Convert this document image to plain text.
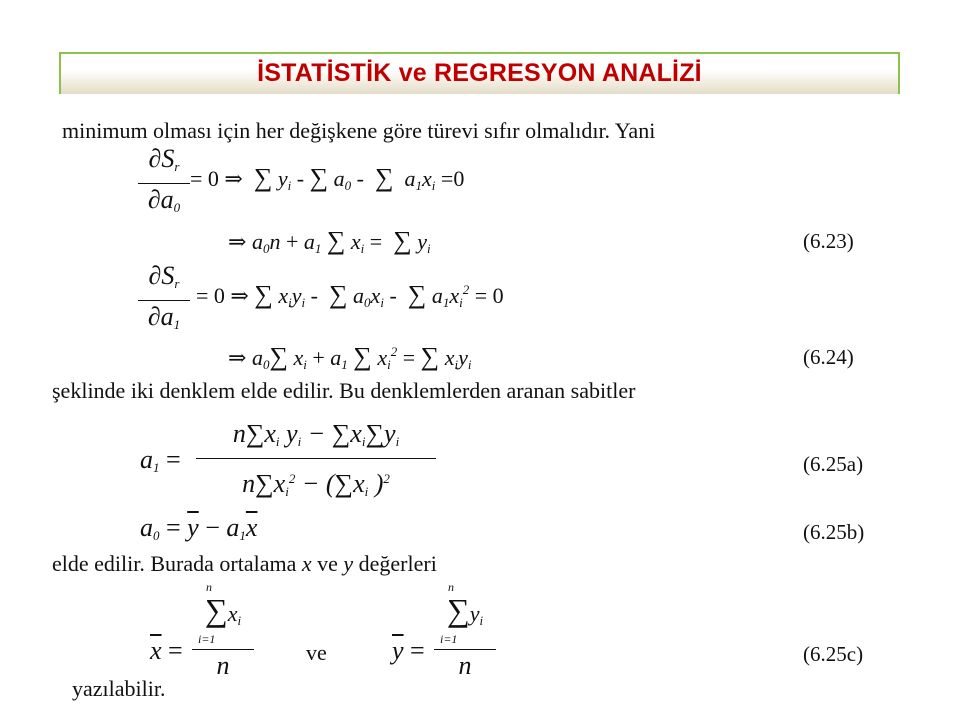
İSTATİSTİK ve REGRESYON ANALİZİ
minimum olması için her değişkene göre türevi sıfır olmalıdır. Yani
$\partial S_r$
$\partial a_0$
= 0 ⇒  ∑ $y_i$ - ∑ $a_0$ -  ∑ $a_1x_i =0$
⇒ $a_0n + a_1$ ∑ $x_i$ =  ∑ $y_i$	(6.23)
$\partial S_r$
$\partial a_1$
= 0 ⇒ ∑ $x_iy_i$ -  ∑ $a_0x_i$ -  ∑ $a_1x_i^2 = 0$
⇒ $a_0\sum$ $x_i + a_1$ ∑ $x_i^2$ = ∑ $x_iy_i$	(6.24)
şeklinde iki denklem elde edilir. Bu denklemlerden aranan sabitler
$a_1$ =
$n\sum x_i$ $y_i - \sum x_i\sum y_i$
$n\sum x_i^2 - (\sum x_i$ )$^2$
(6.25a)
$a_0 = \overline{y} - a_1\overline{x}$	(6.25b)
elde edilir. Burada ortalama x ve y değerleri
$\overline{x}$ =
$\sum x_i$
n
n
i=1
ve	$\overline{y}$ =
$\sum y_i$
n
n
i=1
(6.25c)
yazılabilir.
